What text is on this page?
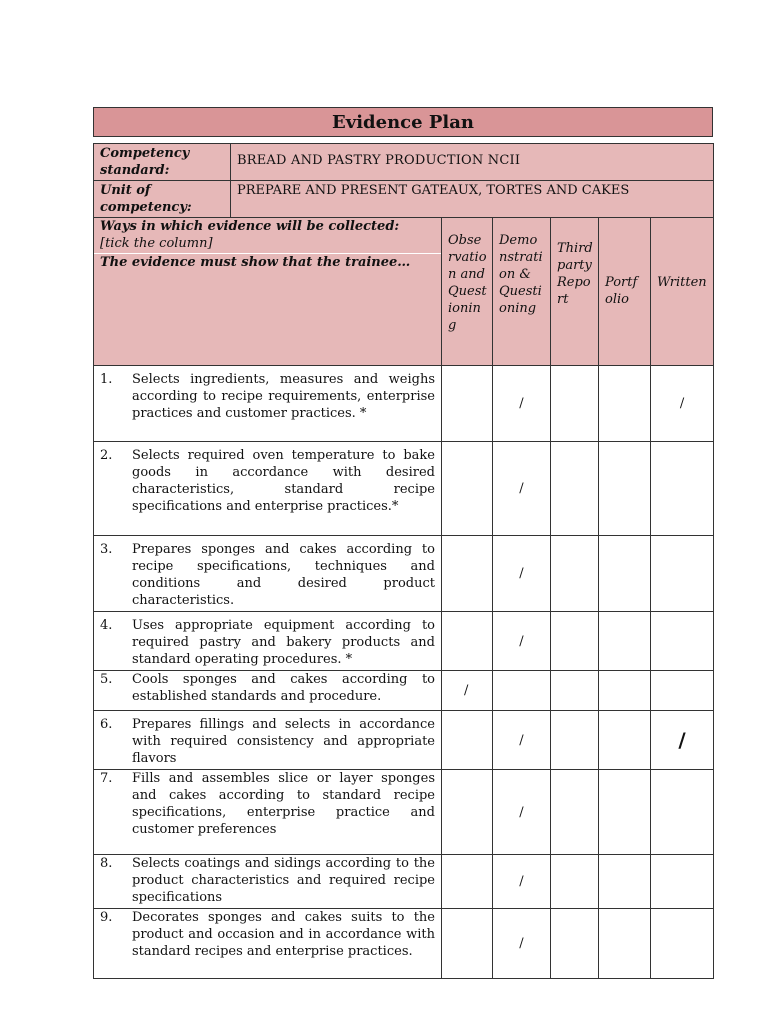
Evidence Plan
Competency standard:	BREAD AND PASTRY PRODUCTION NCII					
Unit of competency:	PREPARE AND PRESENT GATEAUX, TORTES AND CAKES					

Ways in which evidence will be collected:
[tick the column]
The evidence must show that the trainee…		Observation and Questioning	Demonstration & Questioning	Third party Report	Portfolio	Written

1. Selects ingredients, measures and weighs according to recipe requirements, enterprise practices and customer practices. *			/			/

2. Selects required oven temperature to bake goods in accordance with desired characteristics, standard recipe specifications and enterprise practices.*			/			

3. Prepares sponges and cakes according to recipe specifications, techniques and conditions and desired product characteristics.			/			

4. Uses appropriate equipment according to required pastry and bakery products and standard operating procedures. *			/			

5. Cools sponges and cakes according to established standards and procedure.		/				

6. Prepares fillings and selects in accordance with required consistency and appropriate flavors			/			/

7. Fills and assembles slice or layer sponges and cakes according to standard recipe specifications, enterprise practice and customer preferences			/			

8. Selects coatings and sidings according to the product characteristics and required recipe specifications			/			

9. Decorates sponges and cakes suits to the product and occasion and in accordance with standard recipes and enterprise practices.			/			
